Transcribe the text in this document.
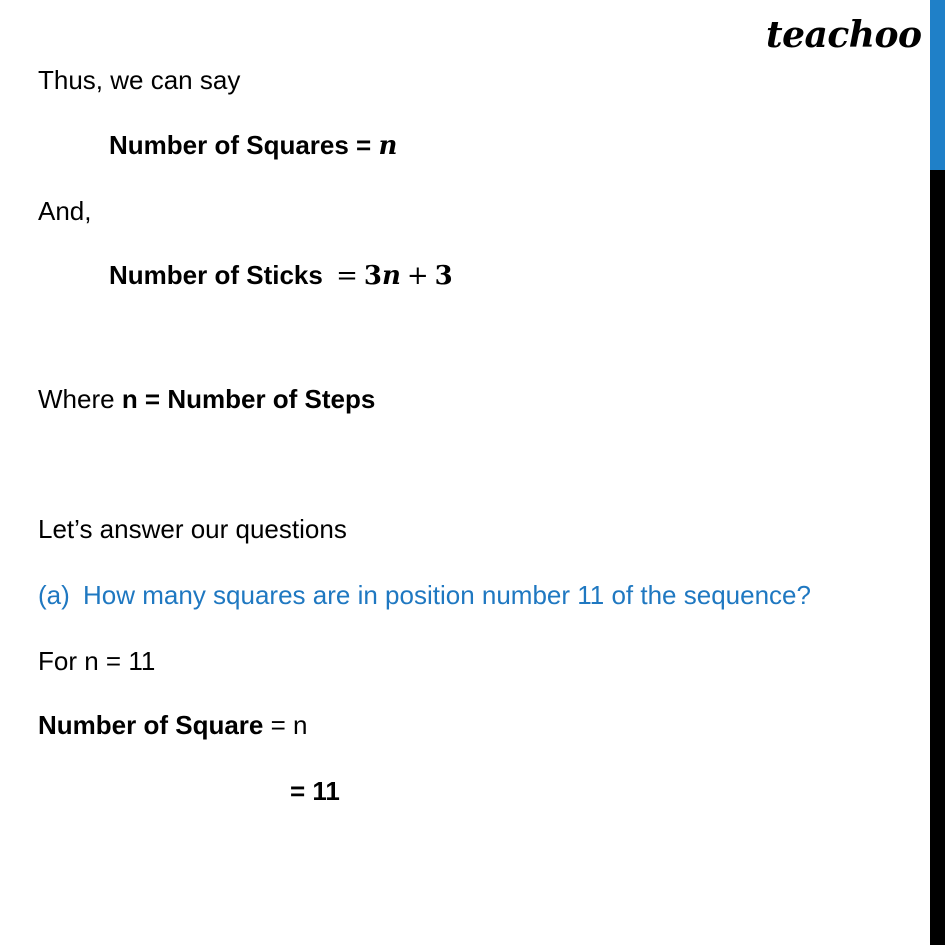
teachoo
Thus, we can say
Number of Squares = n
And,
Number of Sticks = 3n + 3
Where n = Number of Steps
Let’s answer our questions
(a) How many squares are in position number 11 of the sequence?
For n = 11
Number of Square = n
= 11
